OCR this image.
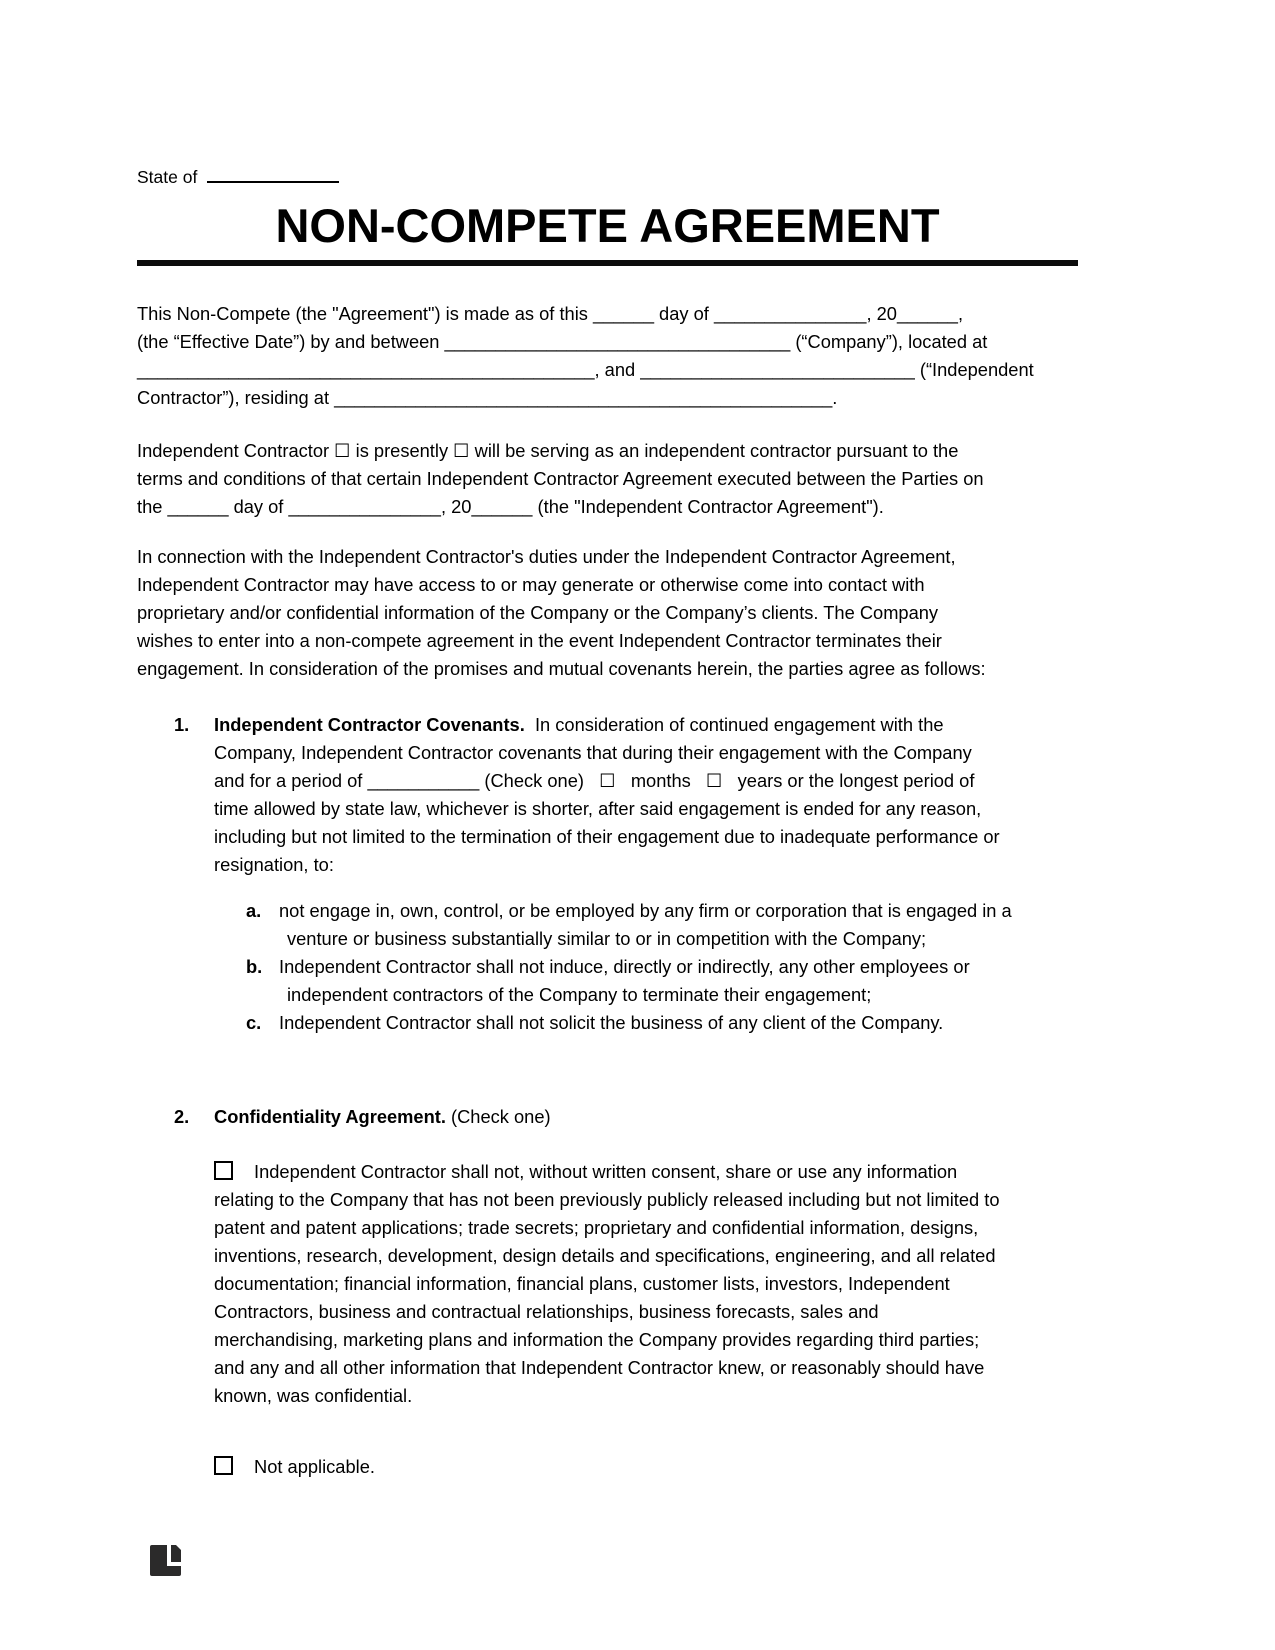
State of
NON-COMPETE AGREEMENT
This Non-Compete (the "Agreement") is made as of this ______ day of _______________, 20______,
(the “Effective Date”) by and between __________________________________ (“Company”), located at
_____________________________________________, and ___________________________ (“Independent
Contractor”), residing at _________________________________________________.
Independent Contractor ☐ is presently ☐ will be serving as an independent contractor pursuant to the
terms and conditions of that certain Independent Contractor Agreement executed between the Parties on
the ______ day of _______________, 20______ (the "Independent Contractor Agreement").
In connection with the Independent Contractor's duties under the Independent Contractor Agreement,
Independent Contractor may have access to or may generate or otherwise come into contact with
proprietary and/or confidential information of the Company or the Company’s clients. The Company
wishes to enter into a non-compete agreement in the event Independent Contractor terminates their
engagement. In consideration of the promises and mutual covenants herein, the parties agree as follows:
1. Independent Contractor Covenants.  In consideration of continued engagement with the
Company, Independent Contractor covenants that during their engagement with the Company
and for a period of ___________ (Check one)   ☐   months   ☐   years or the longest period of
time allowed by state law, whichever is shorter, after said engagement is ended for any reason,
including but not limited to the termination of their engagement due to inadequate performance or
resignation, to:
a. not engage in, own, control, or be employed by any firm or corporation that is engaged in a
venture or business substantially similar to or in competition with the Company;
b. Independent Contractor shall not induce, directly or indirectly, any other employees or
independent contractors of the Company to terminate their engagement;
c. Independent Contractor shall not solicit the business of any client of the Company.
2. Confidentiality Agreement. (Check one)
Independent Contractor shall not, without written consent, share or use any information
relating to the Company that has not been previously publicly released including but not limited to
patent and patent applications; trade secrets; proprietary and confidential information, designs,
inventions, research, development, design details and specifications, engineering, and all related
documentation; financial information, financial plans, customer lists, investors, Independent
Contractors, business and contractual relationships, business forecasts, sales and
merchandising, marketing plans and information the Company provides regarding third parties;
and any and all other information that Independent Contractor knew, or reasonably should have
known, was confidential.
Not applicable.
